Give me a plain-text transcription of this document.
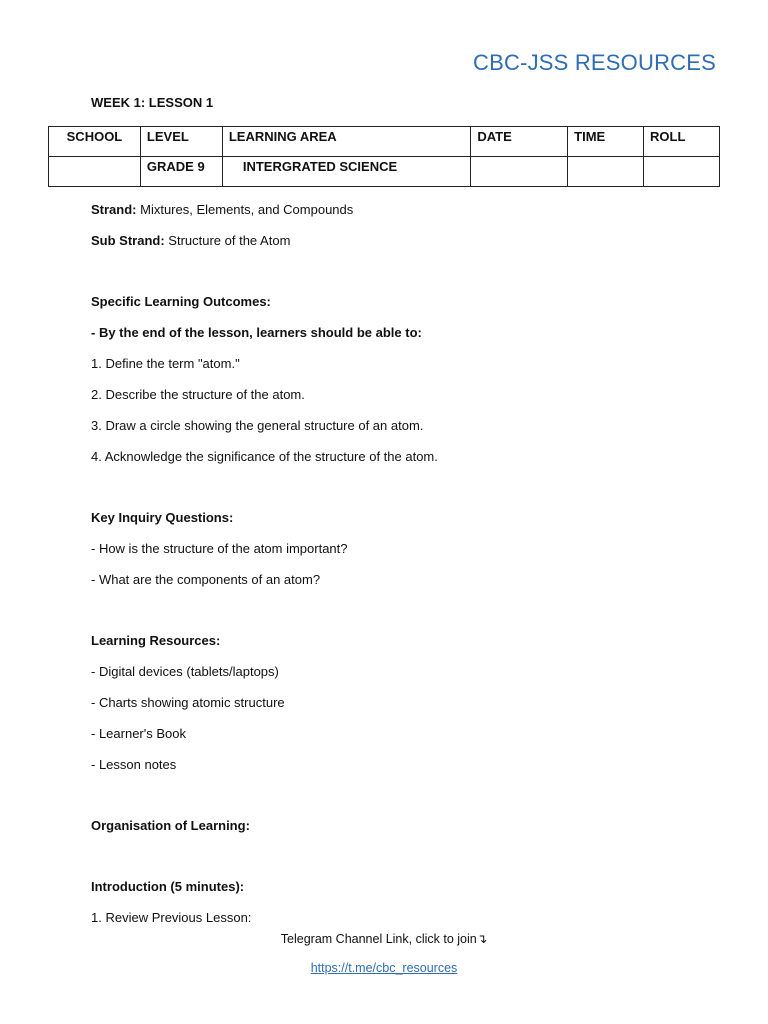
CBC-JSS RESOURCES
WEEK 1: LESSON 1
SCHOOL	LEVEL	LEARNING AREA	DATE	TIME	ROLL
	GRADE 9	INTERGRATED SCIENCE			
Strand: Mixtures, Elements, and Compounds
Sub Strand: Structure of the Atom
Specific Learning Outcomes:
- By the end of the lesson, learners should be able to:
1. Define the term "atom."
2. Describe the structure of the atom.
3. Draw a circle showing the general structure of an atom.
4. Acknowledge the significance of the structure of the atom.
Key Inquiry Questions:
- How is the structure of the atom important?
- What are the components of an atom?
Learning Resources:
- Digital devices (tablets/laptops)
- Charts showing atomic structure
- Learner's Book
- Lesson notes
Organisation of Learning:
Introduction (5 minutes):
1. Review Previous Lesson:
Telegram Channel Link, click to join↴
https://t.me/cbc_resources
